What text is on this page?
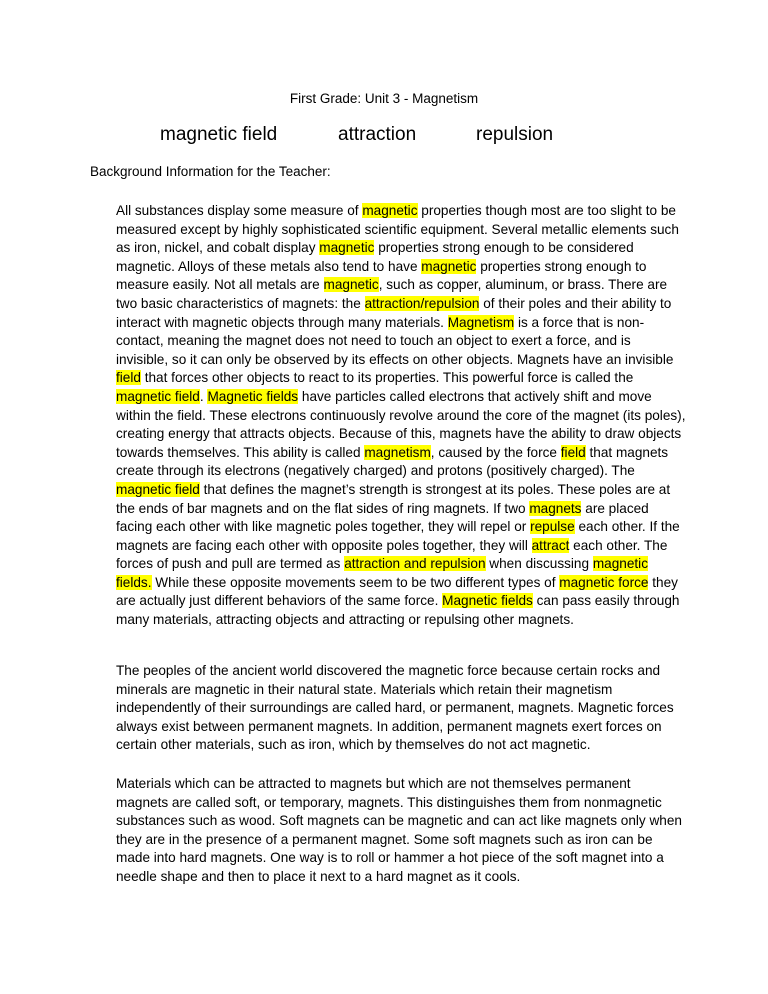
First Grade: Unit 3 - Magnetism
magnetic field	attraction	repulsion
Background Information for the Teacher:

All substances display some measure of magnetic properties though most are too slight to be measured except by highly sophisticated scientific equipment. Several metallic elements such as iron, nickel, and cobalt display magnetic properties strong enough to be considered magnetic. Alloys of these metals also tend to have magnetic properties strong enough to measure easily. Not all metals are magnetic, such as copper, aluminum, or brass. There are two basic characteristics of magnets: the attraction/repulsion of their poles and their ability to interact with magnetic objects through many materials. Magnetism is a force that is non-contact, meaning the magnet does not need to touch an object to exert a force, and is invisible, so it can only be observed by its effects on other objects. Magnets have an invisible field that forces other objects to react to its properties. This powerful force is called the magnetic field. Magnetic fields have particles called electrons that actively shift and move within the field. These electrons continuously revolve around the core of the magnet (its poles), creating energy that attracts objects. Because of this, magnets have the ability to draw objects towards themselves. This ability is called magnetism, caused by the force field that magnets create through its electrons (negatively charged) and protons (positively charged). The magnetic field that defines the magnet’s strength is strongest at its poles. These poles are at the ends of bar magnets and on the flat sides of ring magnets. If two magnets are placed facing each other with like magnetic poles together, they will repel or repulse each other. If the magnets are facing each other with opposite poles together, they will attract each other. The forces of push and pull are termed as attraction and repulsion when discussing magnetic fields. While these opposite movements seem to be two different types of magnetic force they are actually just different behaviors of the same force. Magnetic fields can pass easily through many materials, attracting objects and attracting or repulsing other magnets.

The peoples of the ancient world discovered the magnetic force because certain rocks and minerals are magnetic in their natural state. Materials which retain their magnetism independently of their surroundings are called hard, or permanent, magnets. Magnetic forces always exist between permanent magnets. In addition, permanent magnets exert forces on certain other materials, such as iron, which by themselves do not act magnetic.

Materials which can be attracted to magnets but which are not themselves permanent magnets are called soft, or temporary, magnets. This distinguishes them from nonmagnetic substances such as wood. Soft magnets can be magnetic and can act like magnets only when they are in the presence of a permanent magnet. Some soft magnets such as iron can be made into hard magnets. One way is to roll or hammer a hot piece of the soft magnet into a needle shape and then to place it next to a hard magnet as it cools.
